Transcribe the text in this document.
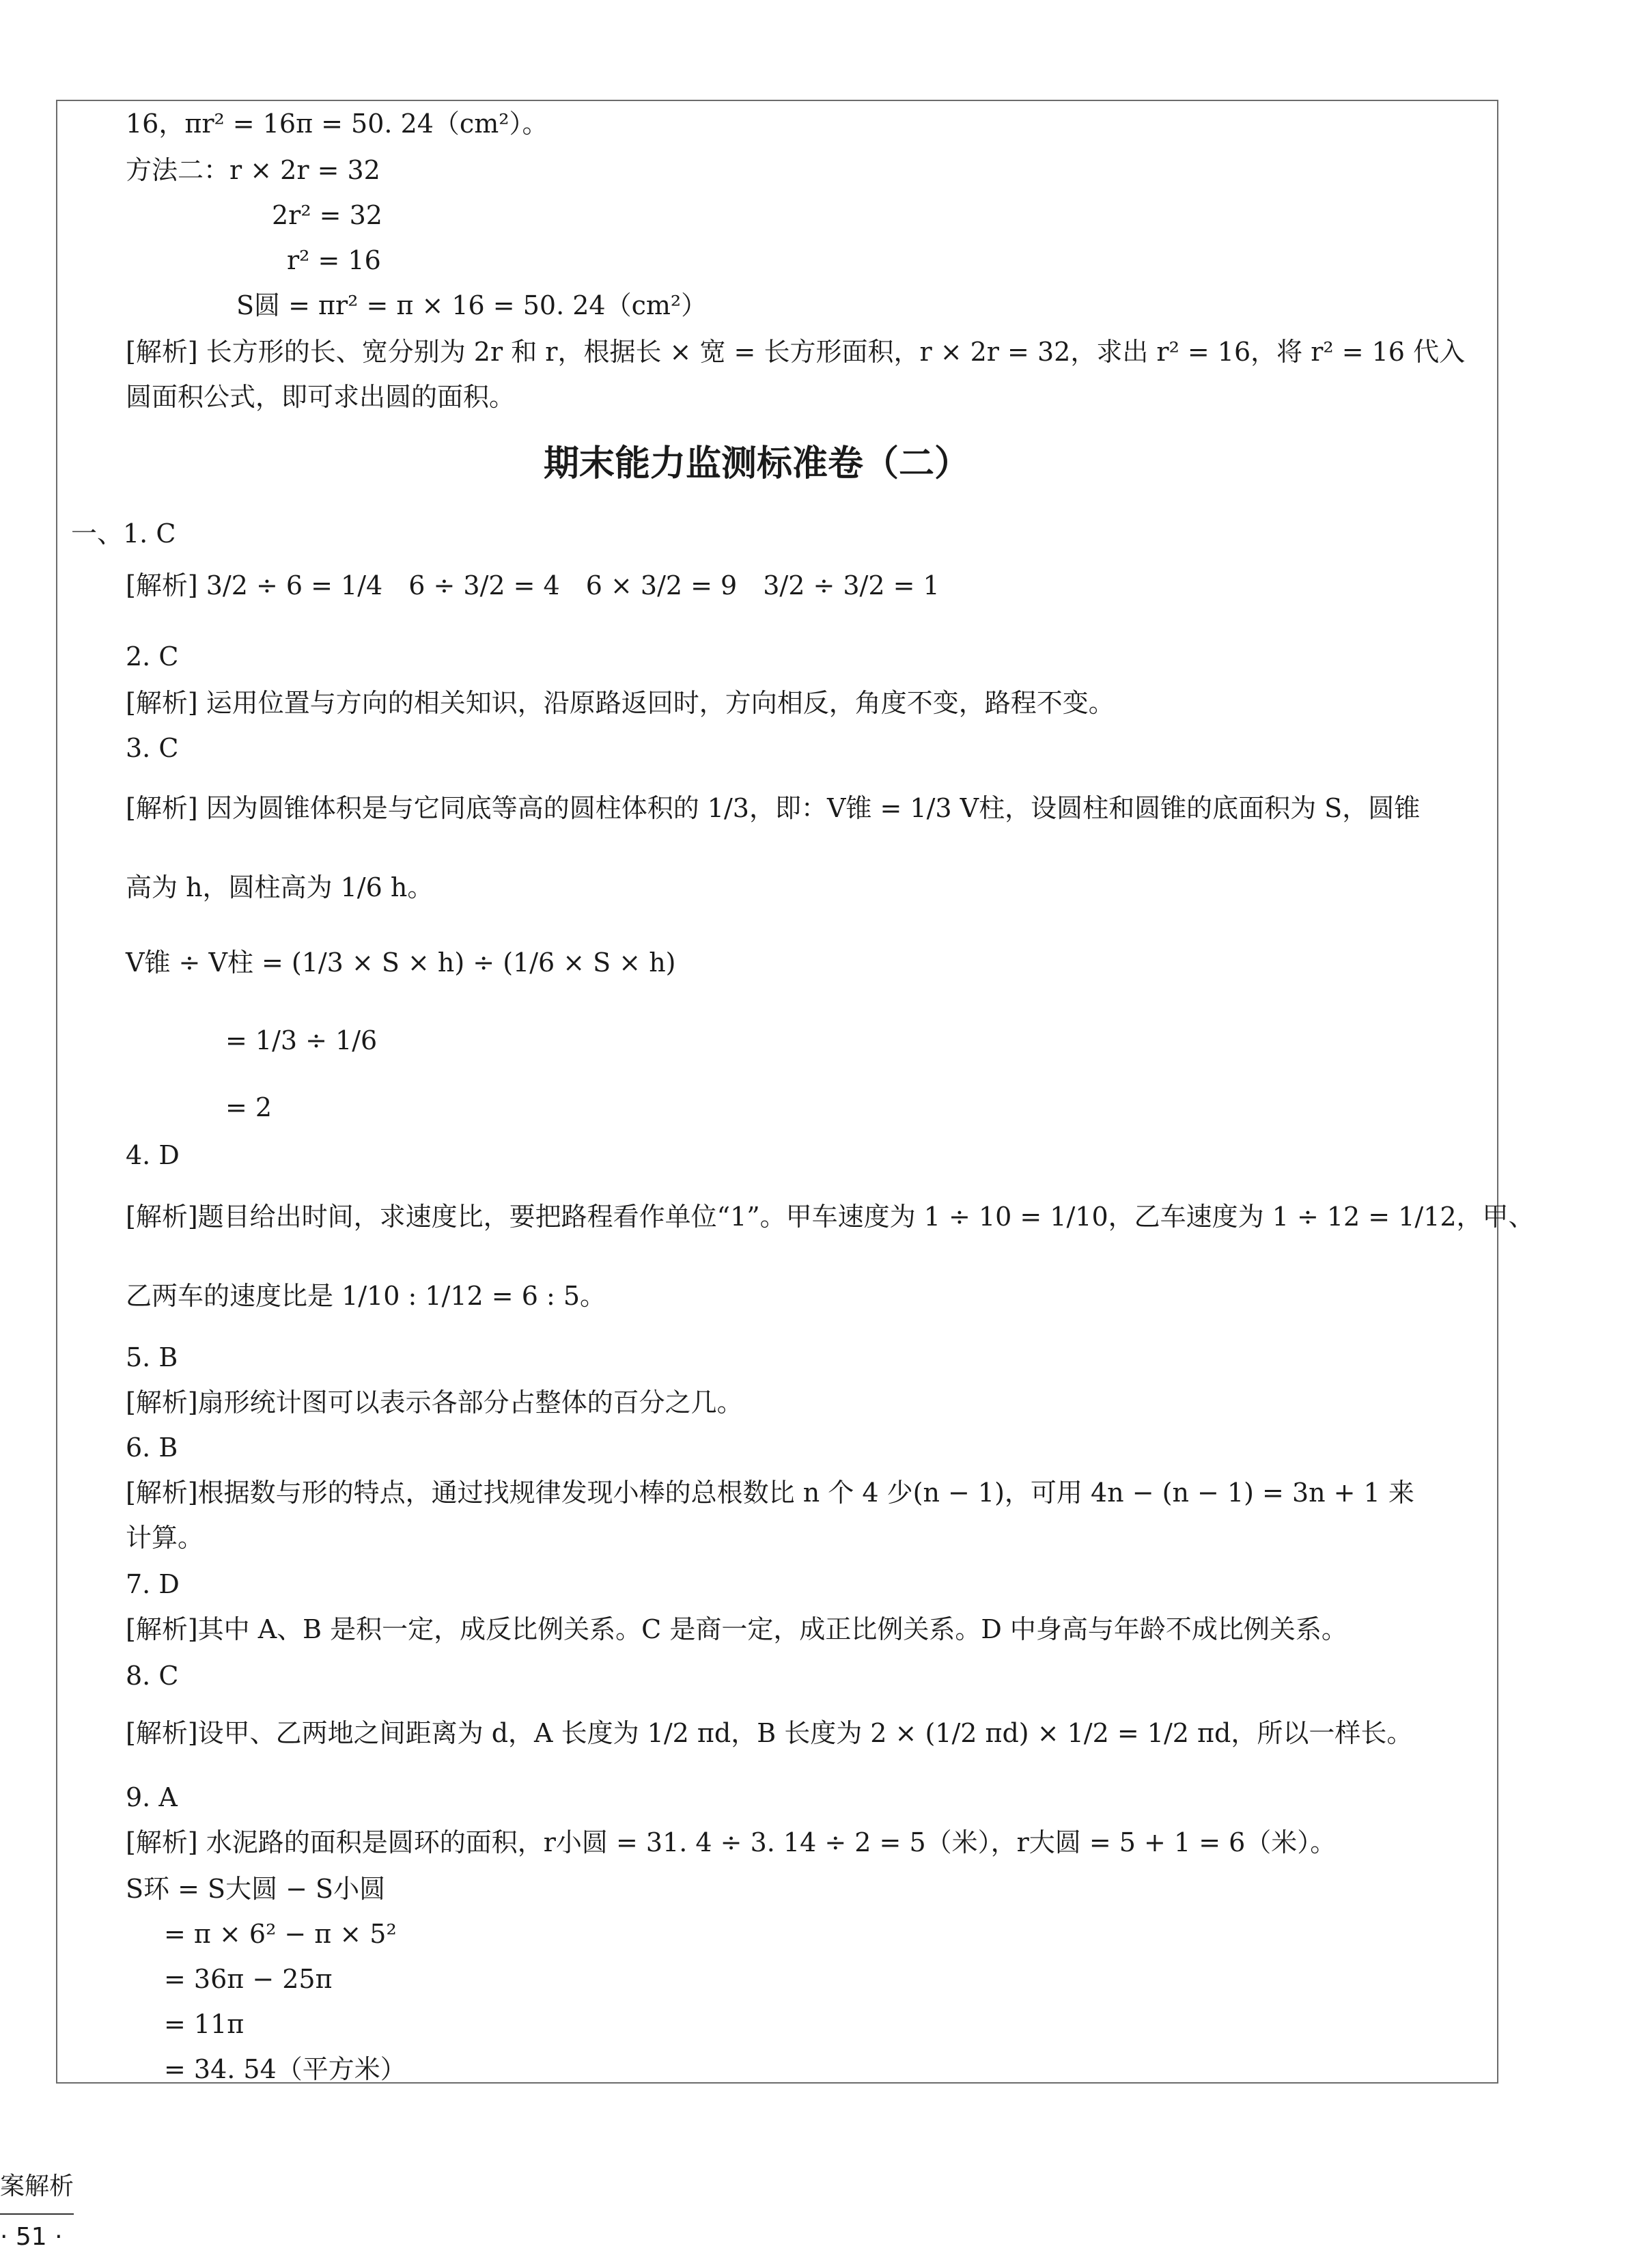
16，πr² = 16π = 50. 24（cm²）。
方法二：r × 2r = 32
2r² = 32
r² = 16
S圆 = πr² = π × 16 = 50. 24（cm²）
[解析] 长方形的长、宽分别为 2r 和 r，根据长 × 宽 = 长方形面积，r × 2r = 32，求出 r² = 16，将 r² = 16 代入
圆面积公式，即可求出圆的面积。
期末能力监测标准卷（二）
一、1. C
[解析] 3/2 ÷ 6 = 1/4　6 ÷ 3/2 = 4　6 × 3/2 = 9　3/2 ÷ 3/2 = 1
2. C
[解析] 运用位置与方向的相关知识，沿原路返回时，方向相反，角度不变，路程不变。
3. C
[解析] 因为圆锥体积是与它同底等高的圆柱体积的 1/3，即：V锥 = 1/3 V柱，设圆柱和圆锥的底面积为 S，圆锥
高为 h，圆柱高为 1/6 h。
V锥 ÷ V柱 = (1/3 × S × h) ÷ (1/6 × S × h)
= 1/3 ÷ 1/6
= 2
4. D
[解析]题目给出时间，求速度比，要把路程看作单位“1”。甲车速度为 1 ÷ 10 = 1/10，乙车速度为 1 ÷ 12 = 1/12，甲、
乙两车的速度比是 1/10 : 1/12 = 6 : 5。
5. B
[解析]扇形统计图可以表示各部分占整体的百分之几。
6. B
[解析]根据数与形的特点，通过找规律发现小棒的总根数比 n 个 4 少(n − 1)，可用 4n − (n − 1) = 3n + 1 来
计算。
7. D
[解析]其中 A、B 是积一定，成反比例关系。C 是商一定，成正比例关系。D 中身高与年龄不成比例关系。
8. C
[解析]设甲、乙两地之间距离为 d，A 长度为 1/2 πd，B 长度为 2 × (1/2 πd) × 1/2 = 1/2 πd，所以一样长。
9. A
[解析] 水泥路的面积是圆环的面积，r小圆 = 31. 4 ÷ 3. 14 ÷ 2 = 5（米），r大圆 = 5 + 1 = 6（米）。
S环 = S大圆 − S小圆
= π × 6² − π × 5²
= 36π − 25π
= 11π
= 34. 54（平方米）
案解析
· 51 ·
